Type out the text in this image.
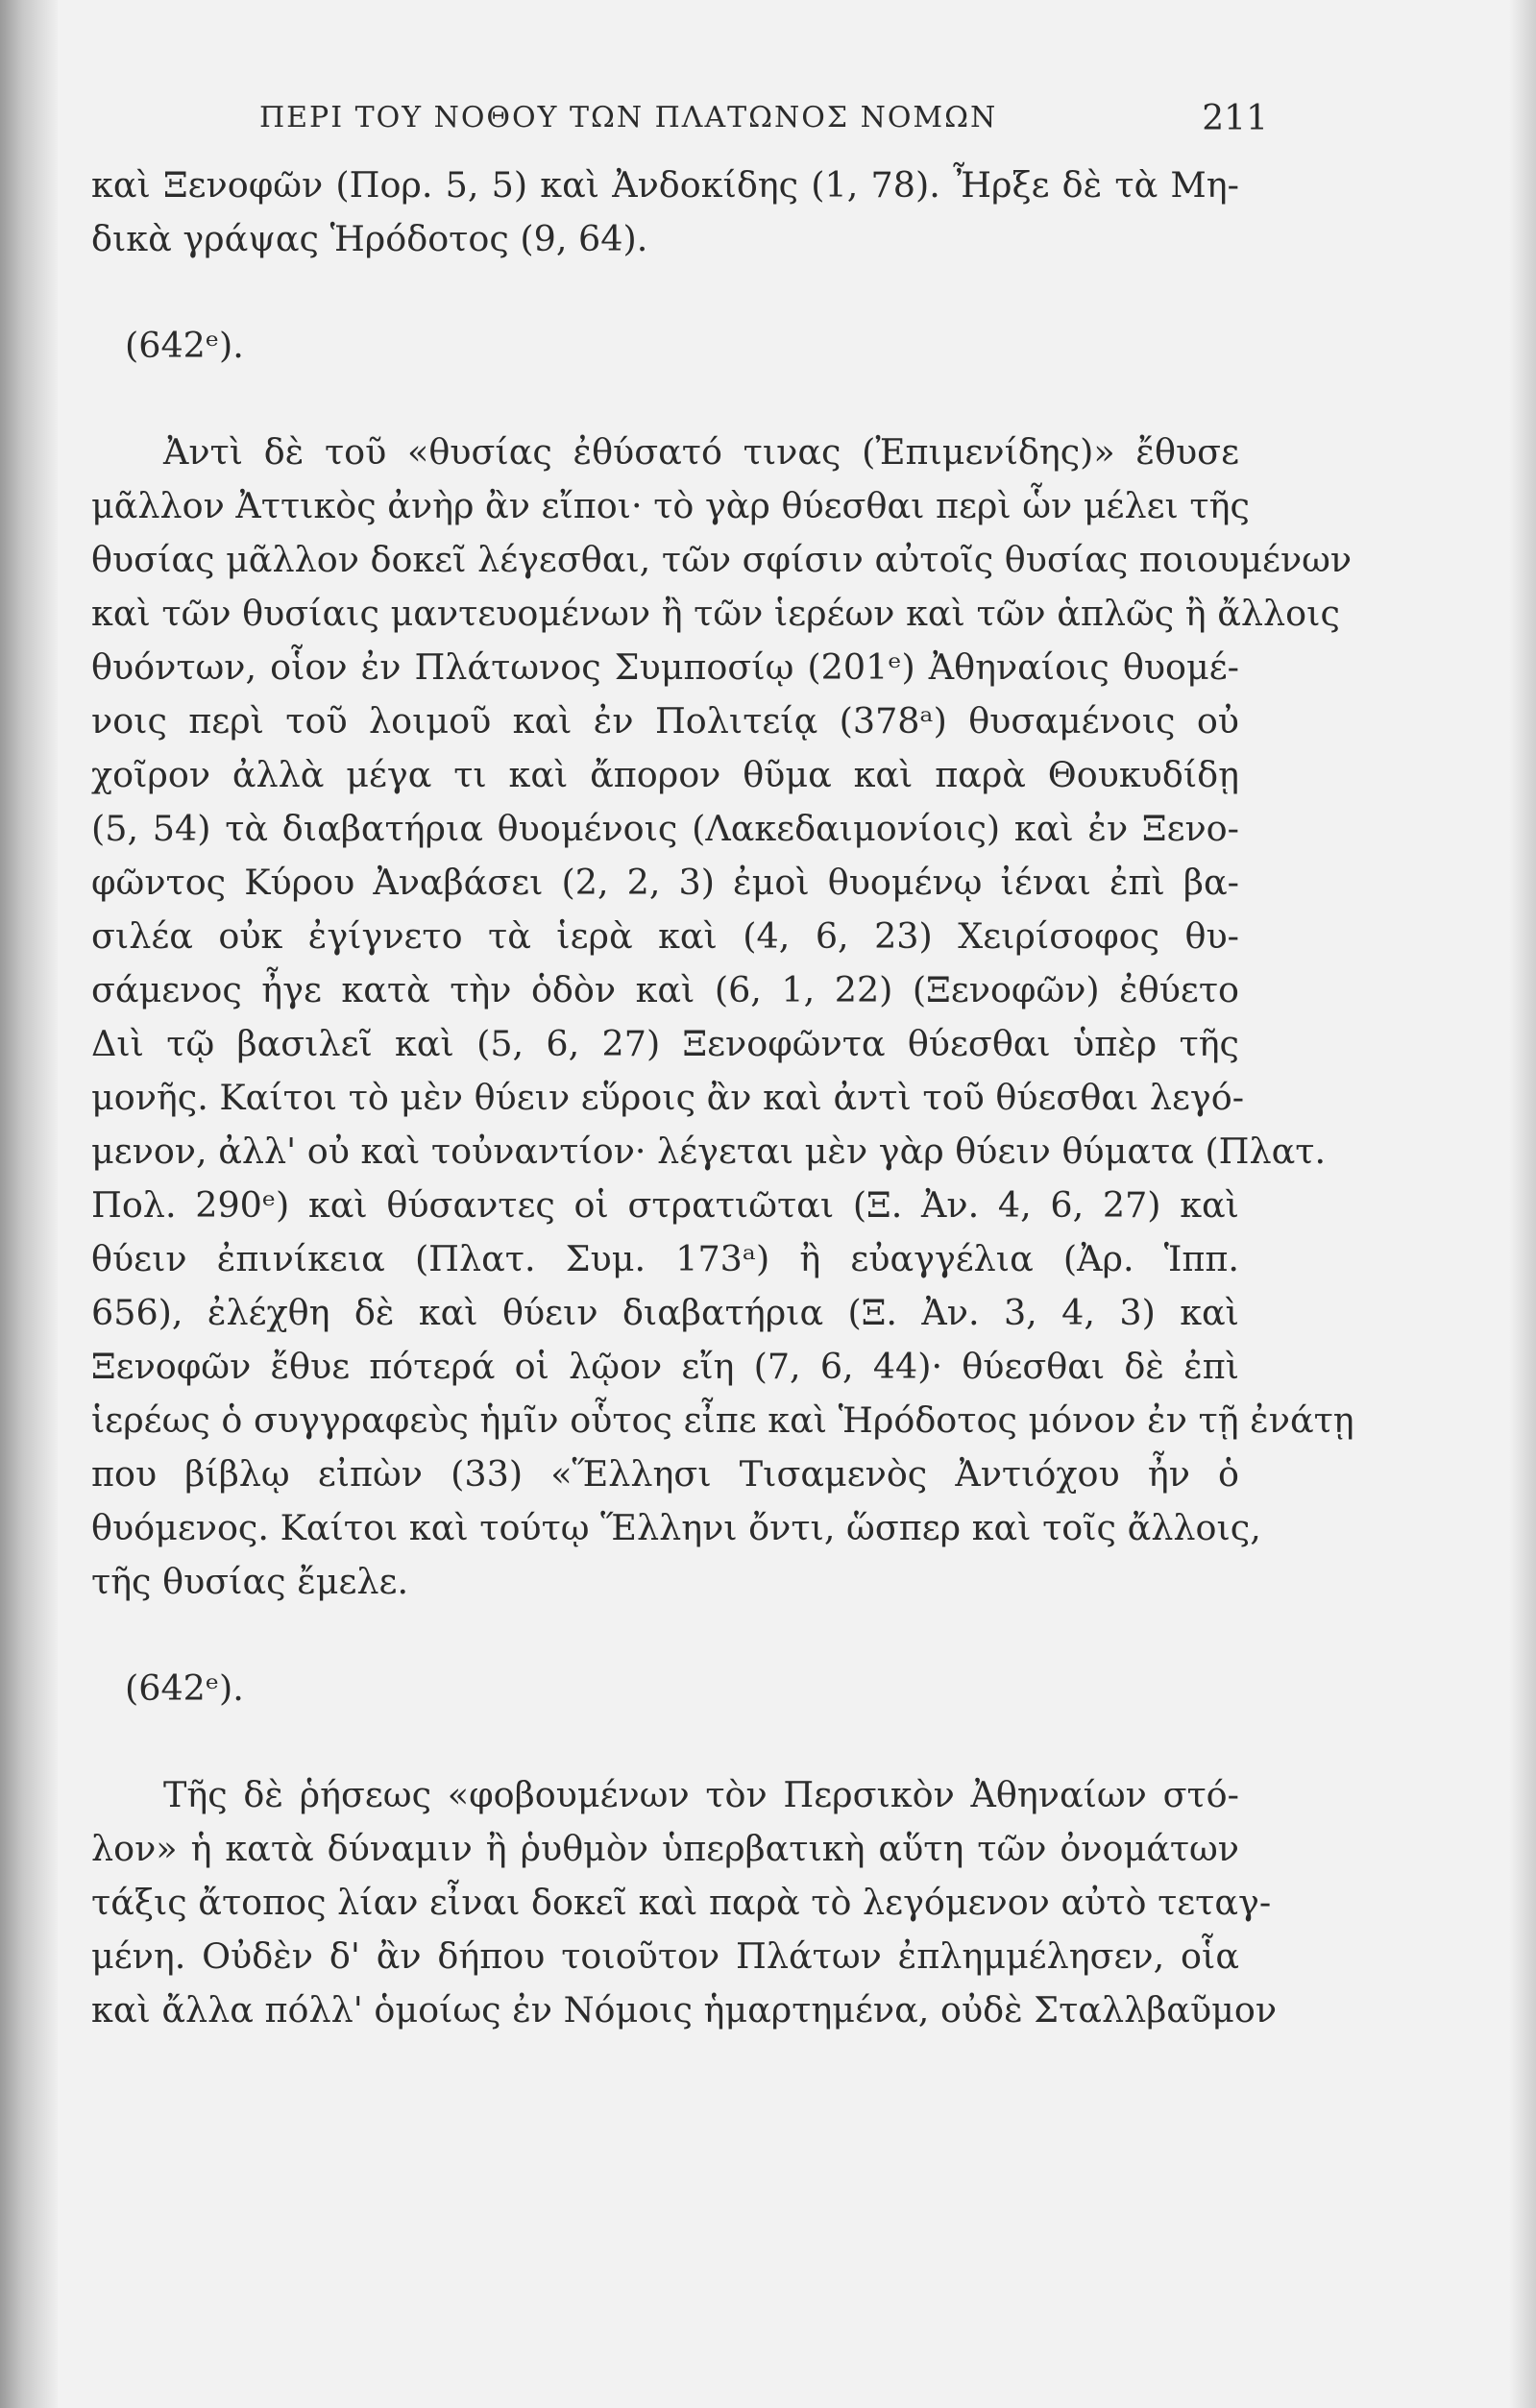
ΠΕΡΙ ΤΟΥ ΝΟΘΟΥ ΤΩΝ ΠΛΑΤΩΝΟΣ ΝΟΜΩΝ	211
καὶ Ξενοφῶν (Πορ. 5, 5) καὶ Ἀνδοκίδης (1, 78). Ἦρξε δὲ τὰ Μη-
δικὰ γράψας Ἡρόδοτος (9, 64).
(642ᵉ).
Ἀντὶ δὲ τοῦ «θυσίας ἐθύσατό τινας (Ἐπιμενίδης)» ἔθυσε
μᾶλλον Ἀττικὸς ἀνὴρ ἂν εἴποι· τὸ γὰρ θύεσθαι περὶ ὧν μέλει τῆς
θυσίας μᾶλλον δοκεῖ λέγεσθαι, τῶν σφίσιν αὐτοῖς θυσίας ποιουμένων
καὶ τῶν θυσίαις μαντευομένων ἢ τῶν ἱερέων καὶ τῶν ἁπλῶς ἢ ἄλλοις
θυόντων, οἷον ἐν Πλάτωνος Συμποσίῳ (201ᵉ) Ἀθηναίοις θυομέ-
νοις περὶ τοῦ λοιμοῦ καὶ ἐν Πολιτείᾳ (378ᵃ) θυσαμένοις οὐ
χοῖρον ἀλλὰ μέγα τι καὶ ἄπορον θῦμα καὶ παρὰ Θουκυδίδῃ
(5, 54) τὰ διαβατήρια θυομένοις (Λακεδαιμονίοις) καὶ ἐν Ξενο-
φῶντος Κύρου Ἀναβάσει (2, 2, 3) ἐμοὶ θυομένῳ ἰέναι ἐπὶ βα-
σιλέα οὐκ ἐγίγνετο τὰ ἱερὰ καὶ (4, 6, 23) Χειρίσοφος θυ-
σάμενος ἦγε κατὰ τὴν ὁδὸν καὶ (6, 1, 22) (Ξενοφῶν) ἐθύετο
Διὶ τῷ βασιλεῖ καὶ (5, 6, 27) Ξενοφῶντα θύεσθαι ὑπὲρ τῆς
μονῆς. Καίτοι τὸ μὲν θύειν εὕροις ἂν καὶ ἀντὶ τοῦ θύεσθαι λεγό-
μενον, ἀλλ' οὐ καὶ τοὐναντίον· λέγεται μὲν γὰρ θύειν θύματα (Πλατ.
Πολ. 290ᵉ) καὶ θύσαντες οἱ στρατιῶται (Ξ. Ἀν. 4, 6, 27) καὶ
θύειν ἐπινίκεια (Πλατ. Συμ. 173ᵃ) ἢ εὐαγγέλια (Ἀρ. Ἱππ.
656), ἐλέχθη δὲ καὶ θύειν διαβατήρια (Ξ. Ἀν. 3, 4, 3) καὶ
Ξενοφῶν ἔθυε πότερά οἱ λῷον εἴη (7, 6, 44)· θύεσθαι δὲ ἐπὶ
ἱερέως ὁ συγγραφεὺς ἡμῖν οὗτος εἶπε καὶ Ἡρόδοτος μόνον ἐν τῇ ἐνάτῃ
που βίβλῳ εἰπὼν (33) «Ἕλλησι Τισαμενὸς Ἀντιόχου ἦν ὁ
θυόμενος. Καίτοι καὶ τούτῳ Ἕλληνι ὄντι, ὥσπερ καὶ τοῖς ἄλλοις,
τῆς θυσίας ἔμελε.
(642ᵉ).
Τῆς δὲ ῥήσεως «φοβουμένων τὸν Περσικὸν Ἀθηναίων στό-
λον» ἡ κατὰ δύναμιν ἢ ῥυθμὸν ὑπερβατικὴ αὕτη τῶν ὀνομάτων
τάξις ἄτοπος λίαν εἶναι δοκεῖ καὶ παρὰ τὸ λεγόμενον αὐτὸ τεταγ-
μένη. Οὐδὲν δ' ἂν δήπου τοιοῦτον Πλάτων ἐπλημμέλησεν, οἷα
καὶ ἄλλα πόλλ' ὁμοίως ἐν Νόμοις ἡμαρτημένα, οὐδὲ Σταλλβαῦμον
